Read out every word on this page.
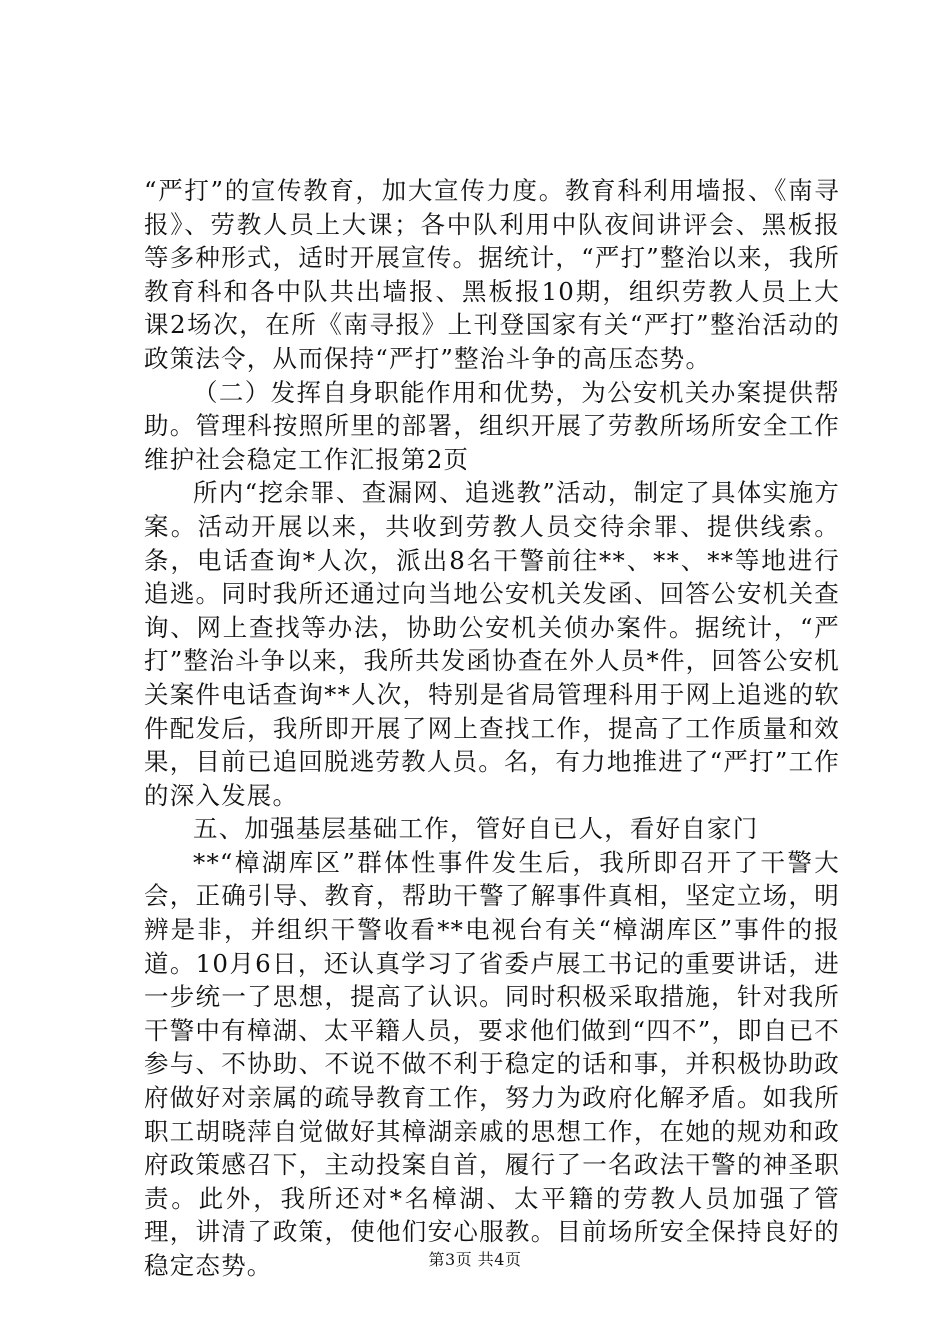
“严打”的宣传教育，加大宣传力度。教育科利用墙报、《南寻报》、劳教人员上大课；各中队利用中队夜间讲评会、黑板报等多种形式，适时开展宣传。据统计，“严打”整治以来，我所教育科和各中队共出墙报、黑板报10期，组织劳教人员上大课2场次，在所《南寻报》上刊登国家有关“严打”整治活动的政策法令，从而保持“严打”整治斗争的高压态势。

（二）发挥自身职能作用和优势，为公安机关办案提供帮助。管理科按照所里的部署，组织开展了劳教所场所安全工作维护社会稳定工作汇报第2页

所内“挖余罪、查漏网、追逃教”活动，制定了具体实施方案。活动开展以来，共收到劳教人员交待余罪、提供线索。条，电话查询*人次，派出8名干警前往**、**、**等地进行追逃。同时我所还通过向当地公安机关发函、回答公安机关查询、网上查找等办法，协助公安机关侦办案件。据统计，“严打”整治斗争以来，我所共发函协查在外人员*件，回答公安机关案件电话查询**人次，特别是省局管理科用于网上追逃的软件配发后，我所即开展了网上查找工作，提高了工作质量和效果，目前已追回脱逃劳教人员。名，有力地推进了“严打”工作的深入发展。

五、加强基层基础工作，管好自已人，看好自家门

**“樟湖库区”群体性事件发生后，我所即召开了干警大会，正确引导、教育，帮助干警了解事件真相，坚定立场，明辨是非，并组织干警收看**电视台有关“樟湖库区”事件的报道。10月6日，还认真学习了省委卢展工书记的重要讲话，进一步统一了思想，提高了认识。同时积极采取措施，针对我所干警中有樟湖、太平籍人员，要求他们做到“四不”，即自已不参与、不协助、不说不做不利于稳定的话和事，并积极协助政府做好对亲属的疏导教育工作，努力为政府化解矛盾。如我所职工胡晓萍自觉做好其樟湖亲戚的思想工作，在她的规劝和政府政策感召下，主动投案自首，履行了一名政法干警的神圣职责。此外，我所还对*名樟湖、太平籍的劳教人员加强了管理，讲清了政策，使他们安心服教。目前场所安全保持良好的稳定态势。	第3页 共4页
